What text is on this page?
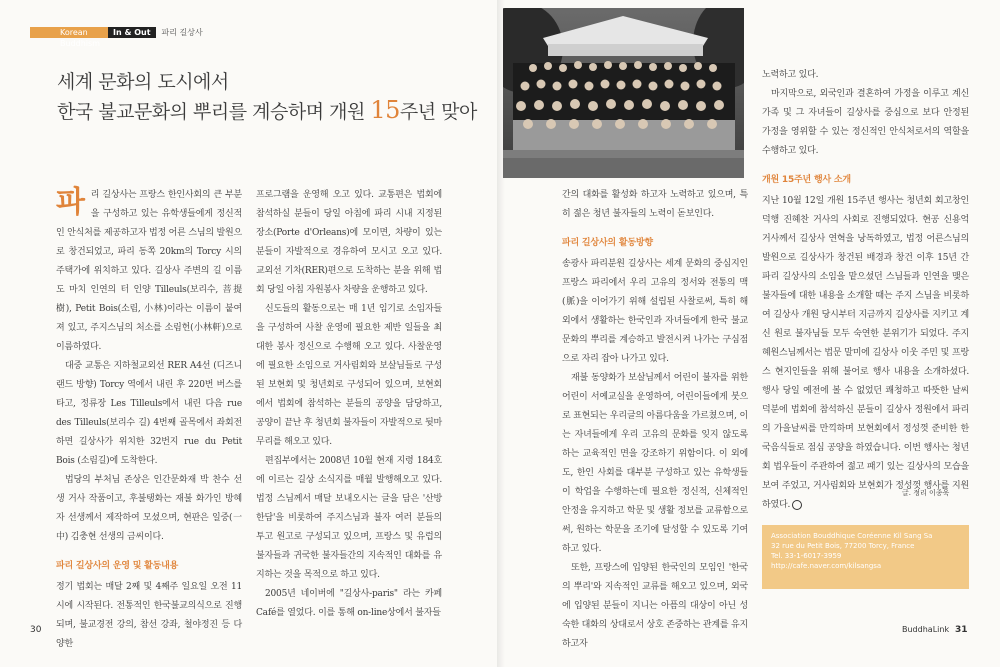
Korean Buddhism
In & Out	파리 길상사
세계 문화의 도시에서
한국 불교문화의 뿌리를 계승하며 개원 15주년 맞아

파리 길상사는 프랑스 한인사회의 큰 부분을 구성하고 있는 유학생들에게 정신적인 안식처를 제공하고자 법정 어른 스님의 발원으로 창건되었고, 파리 동쪽 20km의 Torcy 시의 주택가에 위치하고 있다. 길상사 주변의 길 이름도 마치 인연의 터 인양 Tilleuls(보리수, 菩提樹), Petit Bois(소림, 小林)이라는 이름이 붙여져 있고, 주지스님의 처소를 소림헌(小林軒)으로 이름하였다.

대중 교통은 지하철교외선 RER A4선 (디즈니랜드 방향) Torcy 역에서 내린 후 220번 버스를 타고, 정류장 Les Tilleuls에서 내린 다음 rue des Tilleuls(보리수 길) 4번째 골목에서 좌회전하면 길상사가 위치한 32번지 rue du Petit Bois (소림길)에 도착한다.

법당의 부처님 존상은 인간문화재 박 찬수 선생 거사 작품이고, 후불탱화는 재불 화가인 방혜자 선생께서 제작하여 모셨으며, 현판은 일중(一中) 김충현 선생의 금씨이다.

파리 길상사의 운영 및 활동내용

정기 법회는 매달 2째 및 4째주 일요일 오전 11시에 시작된다. 전통적인 한국불교의식으로 진행되며, 불교경전 강의, 참선 강좌, 철야정진 등 다양한

프로그램을 운영해 오고 있다. 교통편은 법회에 참석하실 분들이 당일 아침에 파리 시내 지정된 장소(Porte d'Orleans)에 모이면, 차량이 있는 분들이 자발적으로 경유하여 모시고 오고 있다. 교외선 기차(RER)편으로 도착하는 분을 위해 법회 당일 아침 자원봉사 차량을 운행하고 있다.

신도들의 활동으로는 매 1년 임기로 소임자들을 구성하여 사찰 운영에 필요한 제반 일들을 최대한 봉사 정신으로 수행해 오고 있다. 사찰운영에 필요한 소임으로 거사림회와 보살님들로 구성된 보현회 및 청년회로 구성되어 있으며, 보현회에서 법회에 참석하는 분들의 공양을 담당하고, 공양이 끝난 후 청년회 불자들이 자발적으로 뒷마무리를 해오고 있다.

편집부에서는 2008년 10월 현재 지령 184호에 이르는 길상 소식지를 매월 발행해오고 있다. 법정 스님께서 매달 보내오시는 글을 담은 '산방한담'을 비롯하여 주지스님과 불자 여러 분들의 투고 원고로 구성되고 있으며, 프랑스 및 유럽의 불자들과 귀국한 불자들간의 지속적인 대화를 유지하는 것을 목적으로 하고 있다.

2005년 네이버에 "길상사-paris" 라는 카페 Café를 열었다. 이를 통해 on-line상에서 불자들

간의 대화를 활성화 하고자 노력하고 있으며, 특히 젊은 청년 불자들의 노력이 돋보인다.

파리 길상사의 활동방향

송광사 파리분원 길상사는 세계 문화의 중심지인 프랑스 파리에서 우리 고유의 정서와 전통의 맥(脈)을 이어가기 위해 설립된 사찰로써, 특히 해외에서 생활하는 한국인과 자녀들에게 한국 불교 문화의 뿌리를 계승하고 발전시켜 나가는 구심점으로 자리 잡아 나가고 있다.

재불 동양화가 보살님께서 어린이 불자를 위한 어린이 서예교실을 운영하여, 어린이들에게 붓으로 표현되는 우리글의 아름다움을 가르쳤으며, 이는 자녀들에게 우리 고유의 문화를 잊지 않도록 하는 교육적인 면을 강조하기 위함이다. 이 외에도, 한인 사회를 대부분 구성하고 있는 유학생들이 학업을 수행하는데 필요한 정신적, 신체적인 안정을 유지하고 학문 및 생활 정보를 교류함으로써, 원하는 학문을 조기에 달성할 수 있도록 기여하고 있다.

또한, 프랑스에 입양된 한국인의 모임인 '한국의 뿌리'와 지속적인 교류를 해오고 있으며, 외국에 입양된 분들이 지니는 아픔의 대상이 아닌 성숙한 대화의 상대로서 상호 존중하는 관계를 유지하고자

노력하고 있다.

마지막으로, 외국인과 결혼하여 가정을 이루고 계신 가족 및 그 자녀들이 길상사를 중심으로 보다 안정된 가정을 영위할 수 있는 정신적인 안식처로서의 역할을 수행하고 있다.

개원 15주년 행사 소개

지난 10월 12일 개원 15주년 행사는 청년회 회고창인 덕행 진혜찬 거사의 사회로 진행되었다. 현공 신용억 거사께서 길상사 연혁을 낭독하였고, 법정 어른스님의 발원으로 길상사가 창건된 배경과 창건 이후 15년 간 파리 길상사의 소임을 맡으셨던 스님들과 인연을 맺은 불자들에 대한 내용을 소개할 때는 주지 스님을 비롯하여 길상사 개원 당시부터 지금까지 길상사를 지키고 계신 원로 불자님들 모두 숙연한 분위기가 되었다. 주지 혜원스님께서는 법문 말미에 길상사 이웃 주민 및 프랑스 현지인들을 위해 불어로 행사 내용을 소개하셨다. 행사 당일 예전에 볼 수 없었던 쾌청하고 따뜻한 날씨 덕분에 법회에 참석하신 분들이 길상사 정원에서 파리의 가을날씨를 만끽하며 보현회에서 정성껏 준비한 한국음식들로 점심 공양을 하였습니다. 이번 행사는 청년회 법우들이 주관하여 젊고 패기 있는 길상사의 모습을 보여 주었고, 거사림회와 보현회가 정성껏 행사를 지원하였다.

글. 정리 이종욱
Association Bouddhique Coréenne Kil Sang Sa
32 rue du Petit Bois, 77200 Torcy, France
Tel. 33-1-6017-3959
http://cafe.naver.com/kilsangsa
30	BuddhaLink 31
